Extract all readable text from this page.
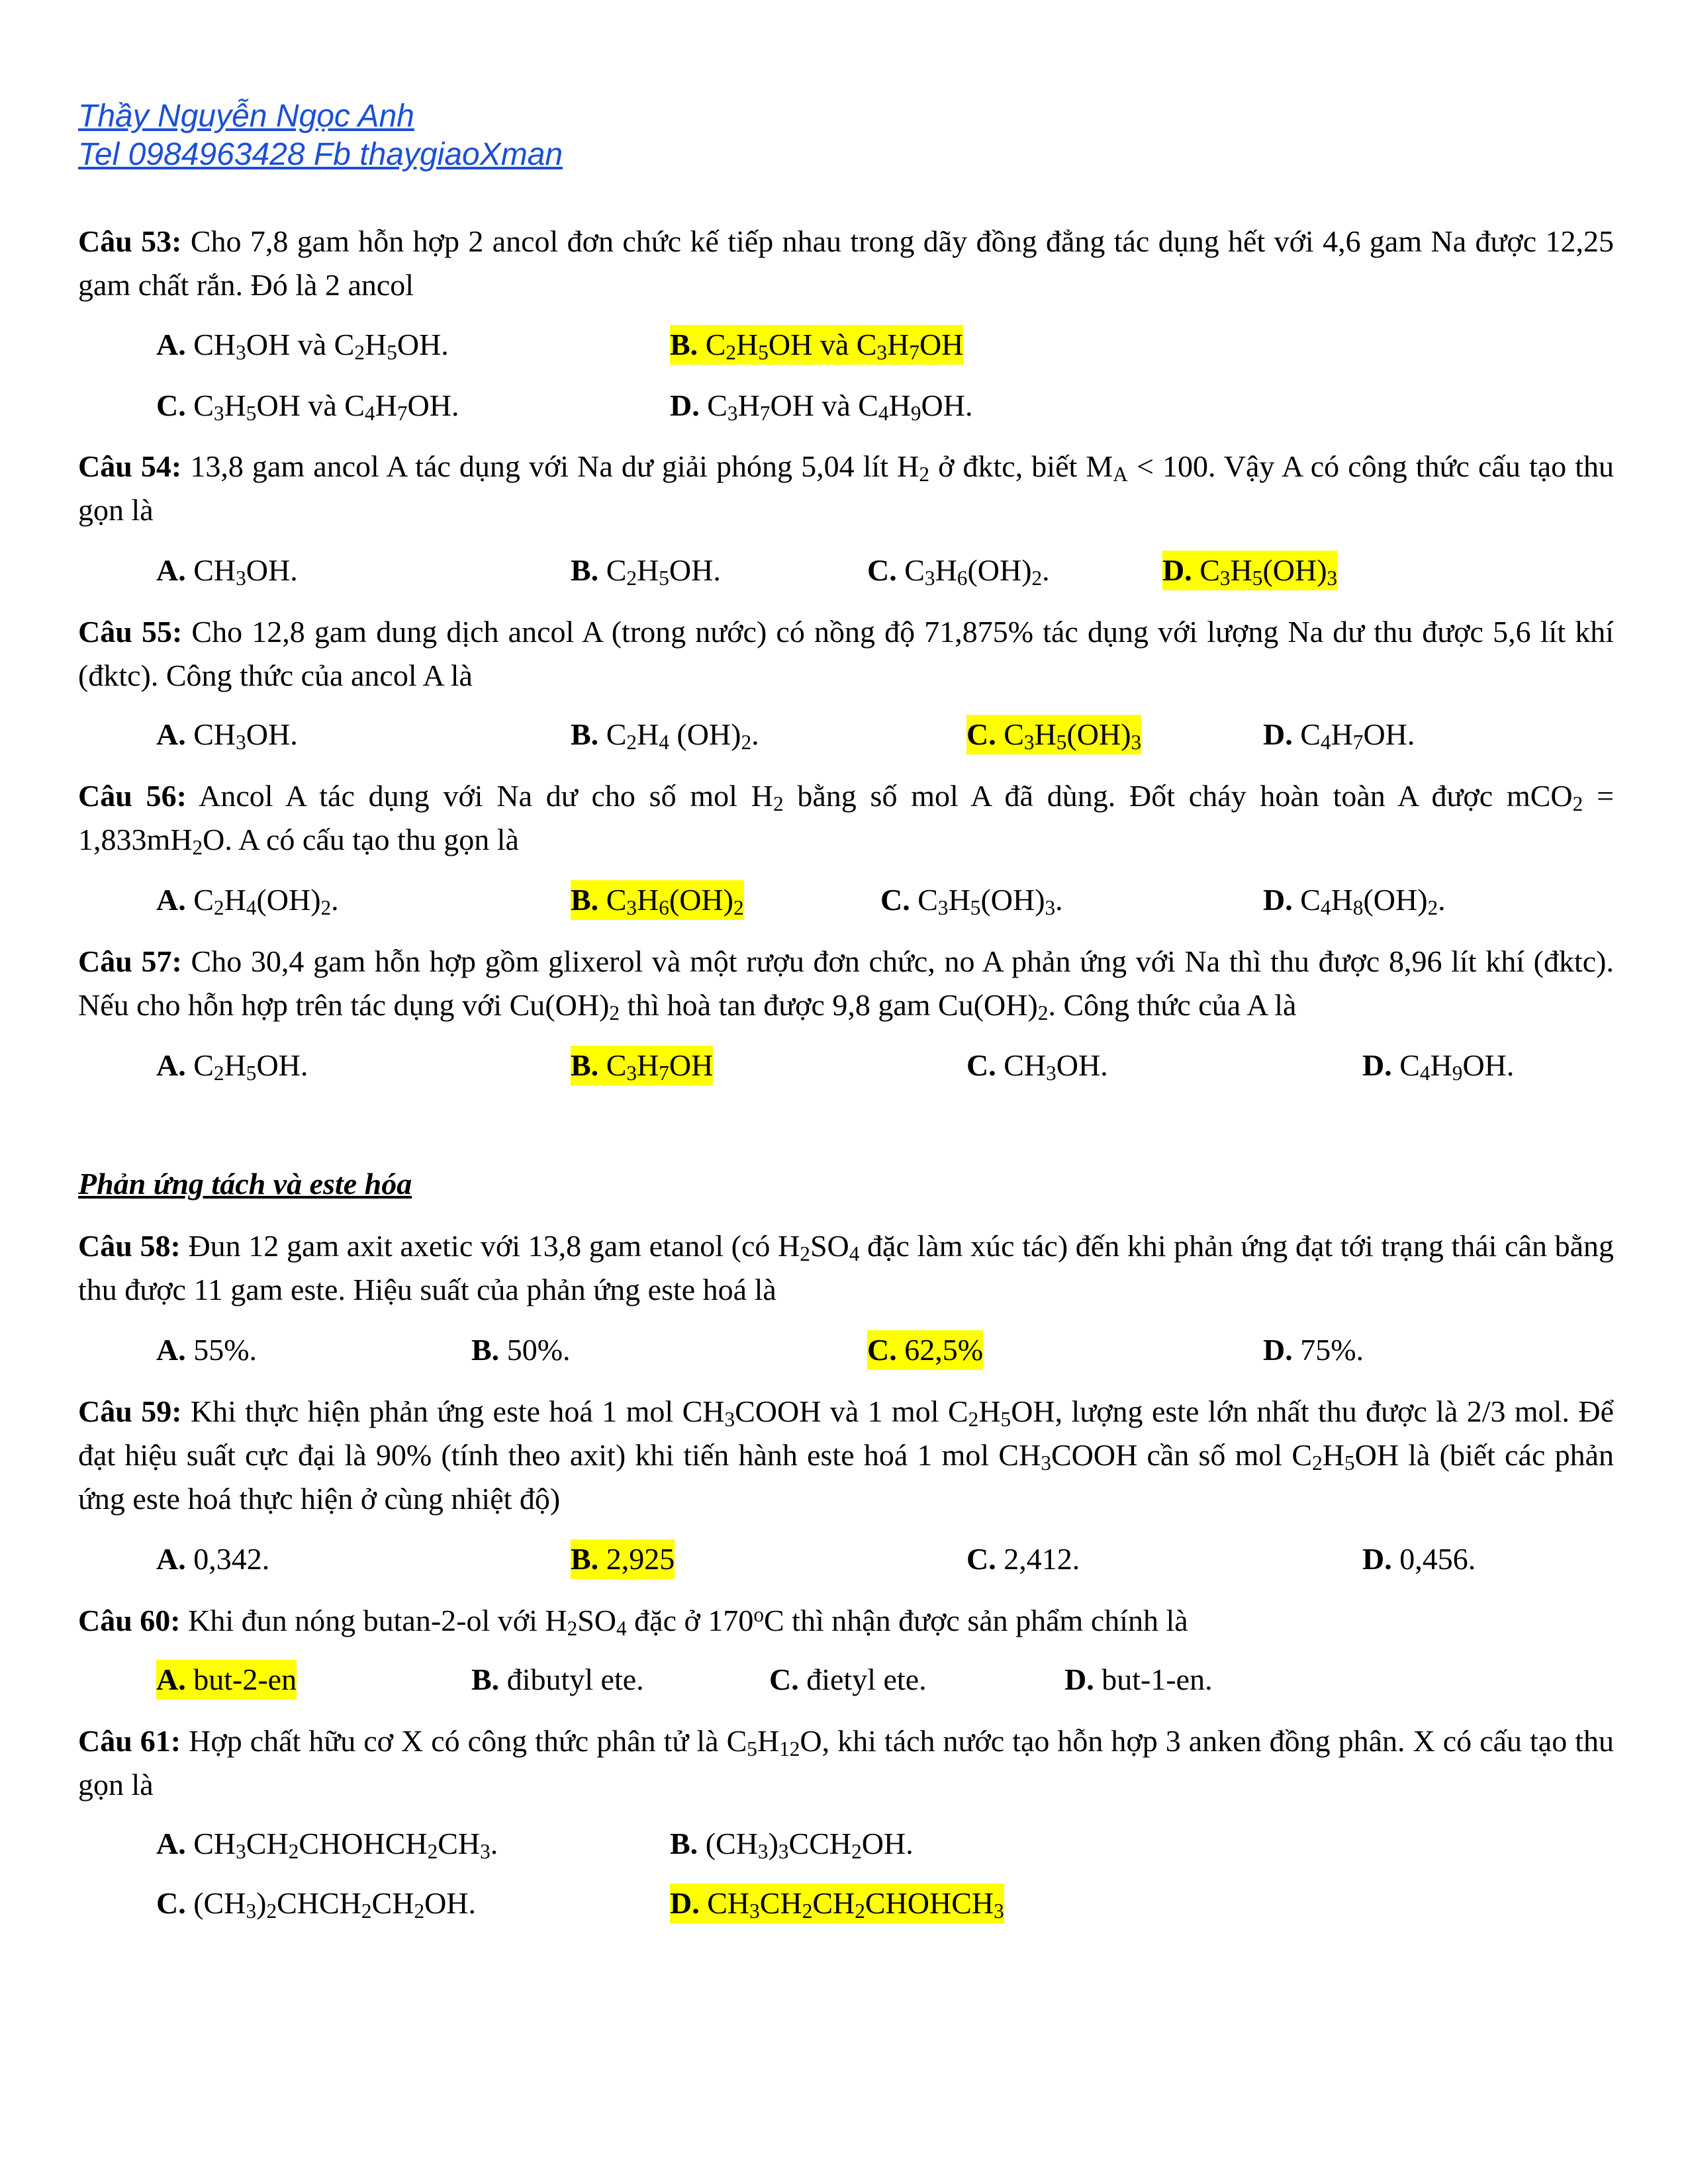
Thầy Nguyễn Ngọc Anh
Tel 0984963428 Fb thaygiaoXman

Câu 53: Cho 7,8 gam hỗn hợp 2 ancol đơn chức kế tiếp nhau trong dãy đồng đẳng tác dụng hết với 4,6 gam Na được 12,25 gam chất rắn. Đó là 2 ancol

A. $CH_3OH$ và $C_2H_5OH$.	B. $C_2H_5OH$ và $C_3H_7OH$
C. $C_3H_5OH$ và $C_4H_7OH$.	D. $C_3H_7OH$ và $C_4H_9OH$.

Câu 54: 13,8 gam ancol A tác dụng với Na dư giải phóng 5,04 lít $H_2$ ở đktc, biết $M_A < 100$. Vậy A có công thức cấu tạo thu gọn là

A. $CH_3OH$.	B. $C_2H_5OH$.	C. $C_3H_6(OH)_2$.	D. $C_3H_5(OH)_3$

Câu 55: Cho 12,8 gam dung dịch ancol A (trong nước) có nồng độ 71,875% tác dụng với lượng Na dư thu được 5,6 lít khí (đktc). Công thức của ancol A là

A. $CH_3OH$.	B. $C_2H_4$ $(OH)_2$.	C. $C_3H_5(OH)_3$	D. $C_4H_7OH$.

Câu 56: Ancol A tác dụng với Na dư cho số mol $H_2$ bằng số mol A đã dùng. Đốt cháy hoàn toàn A được $mCO_2 = 1,833mH_2O$. A có cấu tạo thu gọn là

A. $C_2H_4(OH)_2$.	B. $C_3H_6(OH)_2$	C. $C_3H_5(OH)_3$.	D. $C_4H_8(OH)_2$.

Câu 57: Cho 30,4 gam hỗn hợp gồm glixerol và một rượu đơn chức, no A phản ứng với Na thì thu được 8,96 lít khí (đktc). Nếu cho hỗn hợp trên tác dụng với $Cu(OH)_2$ thì hoà tan được 9,8 gam $Cu(OH)_2$. Công thức của A là

A. $C_2H_5OH$.	B. $C_3H_7OH$	C. $CH_3OH$.	D. $C_4H_9OH$.
Phản ứng tách và este hóa

Câu 58: Đun 12 gam axit axetic với 13,8 gam etanol (có $H_2SO_4$ đặc làm xúc tác) đến khi phản ứng đạt tới trạng thái cân bằng thu được 11 gam este. Hiệu suất của phản ứng este hoá là

A. 55%.	B. 50%.	C. 62,5%	D. 75%.

Câu 59: Khi thực hiện phản ứng este hoá 1 mol $CH_3COOH$ và 1 mol $C_2H_5OH$, lượng este lớn nhất thu được là 2/3 mol. Để đạt hiệu suất cực đại là 90% (tính theo axit) khi tiến hành este hoá 1 mol $CH_3COOH$ cần số mol $C_2H_5OH$ là (biết các phản ứng este hoá thực hiện ở cùng nhiệt độ)

A. 0,342.	B. 2,925	C. 2,412.	D. 0,456.

Câu 60: Khi đun nóng butan-2-ol với $H_2SO_4$ đặc ở 170$^o$C thì nhận được sản phẩm chính là

A. but-2-en	B. đibutyl ete.	C. đietyl ete.	D. but-1-en.

Câu 61: Hợp chất hữu cơ X có công thức phân tử là $C_5H_{12}O$, khi tách nước tạo hỗn hợp 3 anken đồng phân. X có cấu tạo thu gọn là

A. $CH_3CH_2CHOHCH_2CH_3$.	B. $(CH_3)_3CCH_2OH$.
C. $(CH_3)_2CHCH_2CH_2OH$.	D. $CH_3CH_2CH_2CHOHCH_3$
